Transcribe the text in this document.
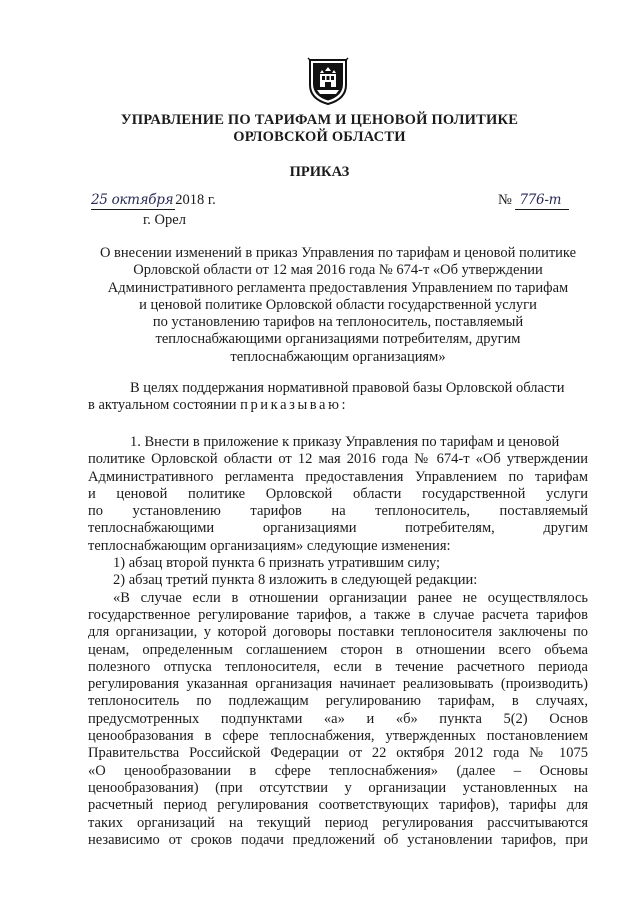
УПРАВЛЕНИЕ ПО ТАРИФАМ И ЦЕНОВОЙ ПОЛИТИКЕ
ОРЛОВСКОЙ ОБЛАСТИ
ПРИКАЗ
25 октября 2018 г.
г. Орел
№ 776-т
О внесении изменений в приказ Управления по тарифам и ценовой политике
Орловской области от 12 мая 2016 года № 674-т «Об утверждении
Административного регламента предоставления Управлением по тарифам
и ценовой политике Орловской области государственной услуги
по установлению тарифов на теплоноситель, поставляемый
теплоснабжающими организациями потребителям, другим
теплоснабжающим организациям»
В целях поддержания нормативной правовой базы Орловской области
в актуальном состоянии приказываю:
1. Внести в приложение к приказу Управления по тарифам и ценовой
политике Орловской области от 12 мая 2016 года № 674-т «Об утверждении
Административного регламента предоставления Управлением по тарифам
и ценовой политике Орловской области государственной услуги
по установлению тарифов на теплоноситель, поставляемый
теплоснабжающими организациями потребителям, другим
теплоснабжающим организациям» следующие изменения:
1) абзац второй пункта 6 признать утратившим силу;
2) абзац третий пункта 8 изложить в следующей редакции:
«В случае если в отношении организации ранее не осуществлялось
государственное регулирование тарифов, а также в случае расчета тарифов
для организации, у которой договоры поставки теплоносителя заключены по
ценам, определенным соглашением сторон в отношении всего объема
полезного отпуска теплоносителя, если в течение расчетного периода
регулирования указанная организация начинает реализовывать (производить)
теплоноситель по подлежащим регулированию тарифам, в случаях,
предусмотренных подпунктами «а» и «б» пункта 5(2) Основ
ценообразования в сфере теплоснабжения, утвержденных постановлением
Правительства Российской Федерации от 22 октября 2012 года № 1075
«О ценообразовании в сфере теплоснабжения» (далее – Основы
ценообразования) (при отсутствии у организации установленных на
расчетный период регулирования соответствующих тарифов), тарифы для
таких организаций на текущий период регулирования рассчитываются
независимо от сроков подачи предложений об установлении тарифов, при
